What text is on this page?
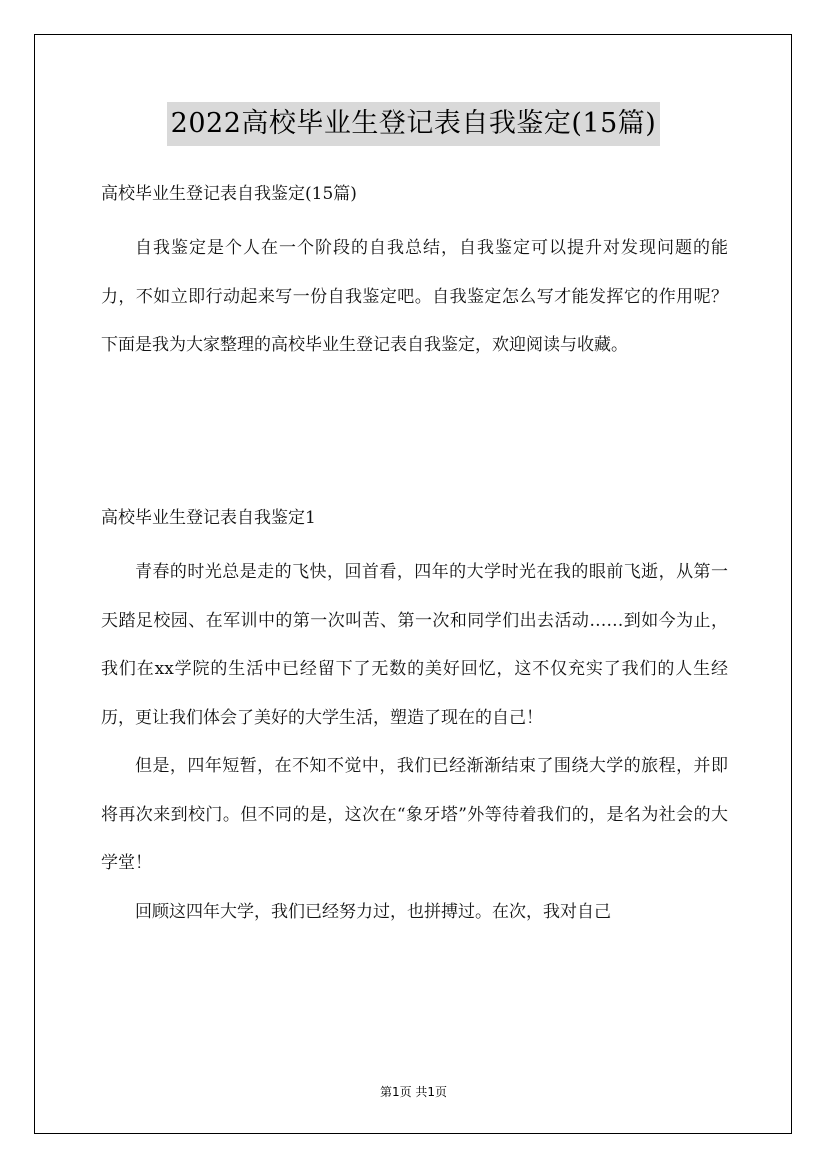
2022高校毕业生登记表自我鉴定(15篇)
高校毕业生登记表自我鉴定(15篇)

自我鉴定是个人在一个阶段的自我总结，自我鉴定可以提升对发现问题的能力，不如立即行动起来写一份自我鉴定吧。自我鉴定怎么写才能发挥它的作用呢？下面是我为大家整理的高校毕业生登记表自我鉴定，欢迎阅读与收藏。

高校毕业生登记表自我鉴定1

青春的时光总是走的飞快，回首看，四年的大学时光在我的眼前飞逝，从第一天踏足校园、在军训中的第一次叫苦、第一次和同学们出去活动……到如今为止，我们在xx学院的生活中已经留下了无数的美好回忆，这不仅充实了我们的人生经历，更让我们体会了美好的大学生活，塑造了现在的自己！

但是，四年短暂，在不知不觉中，我们已经渐渐结束了围绕大学的旅程，并即将再次来到校门。但不同的是，这次在“象牙塔”外等待着我们的，是名为社会的大学堂！

回顾这四年大学，我们已经努力过，也拼搏过。在次，我对自己

第1页 共1页
